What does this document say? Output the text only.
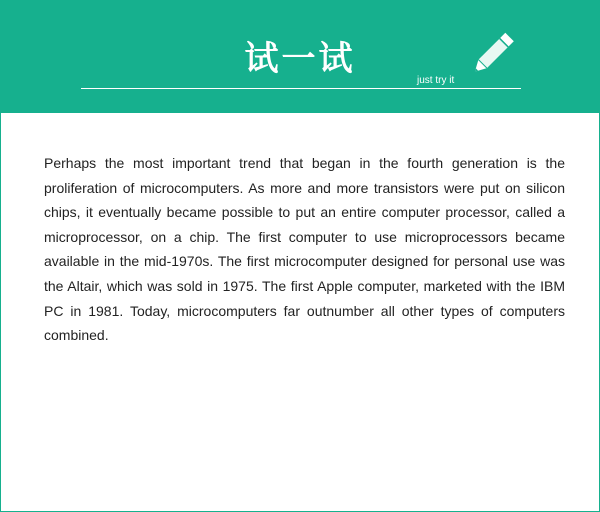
试一试
just try it

Perhaps the most important trend that began in the fourth generation is the proliferation of microcomputers. As more and more transistors were put on silicon chips, it eventually became possible to put an entire computer processor, called a microprocessor, on a chip. The first computer to use microprocessors became available in the mid-1970s. The first microcomputer designed for personal use was the Altair, which was sold in 1975. The first Apple computer, marketed with the IBM PC in 1981. Today, microcomputers far outnumber all other types of computers combined.
